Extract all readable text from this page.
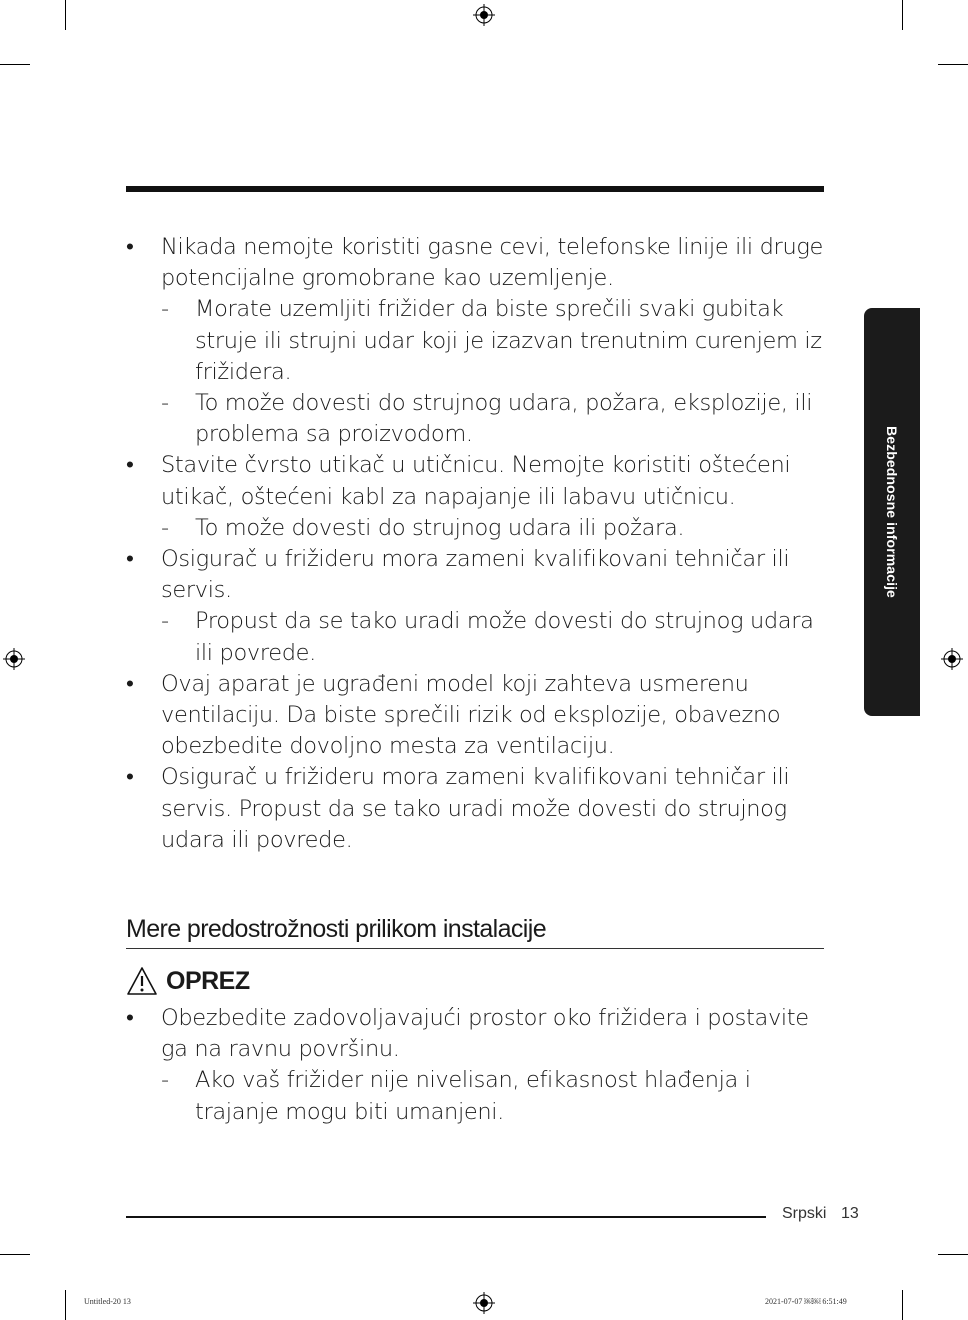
• Nikada nemojte koristiti gasne cevi, telefonske linije ili druge potencijalne gromobrane kao uzemljenje.
- Morate uzemljiti frižider da biste sprečili svaki gubitak struje ili strujni udar koji je izazvan trenutnim curenjem iz frižidera.
- To može dovesti do strujnog udara, požara, eksplozije, ili problema sa proizvodom.
• Stavite čvrsto utikač u utičnicu. Nemojte koristiti oštećeni utikač, oštećeni kabl za napajanje ili labavu utičnicu.
- To može dovesti do strujnog udara ili požara.
• Osigurač u frižideru mora zameni kvalifikovani tehničar ili servis.
- Propust da se tako uradi može dovesti do strujnog udara ili povrede.
• Ovaj aparat je ugrađeni model koji zahteva usmerenu ventilaciju. Da biste sprečili rizik od eksplozije, obavezno obezbedite dovoljno mesta za ventilaciju.
• Osigurač u frižideru mora zameni kvalifikovani tehničar ili servis. Propust da se tako uradi može dovesti do strujnog udara ili povrede.
Mere predostrožnosti prilikom instalacije
OPREZ
• Obezbedite zadovoljavajući prostor oko frižidera i postavite ga na ravnu površinu.
- Ako vaš frižider nije nivelisan, efikasnost hlađenja i trajanje mogu biti umanjeni.
Bezbednosne informacije
Srpski 13
Untitled-20 13	2021-07-07 ￼￼ 6:51:49
